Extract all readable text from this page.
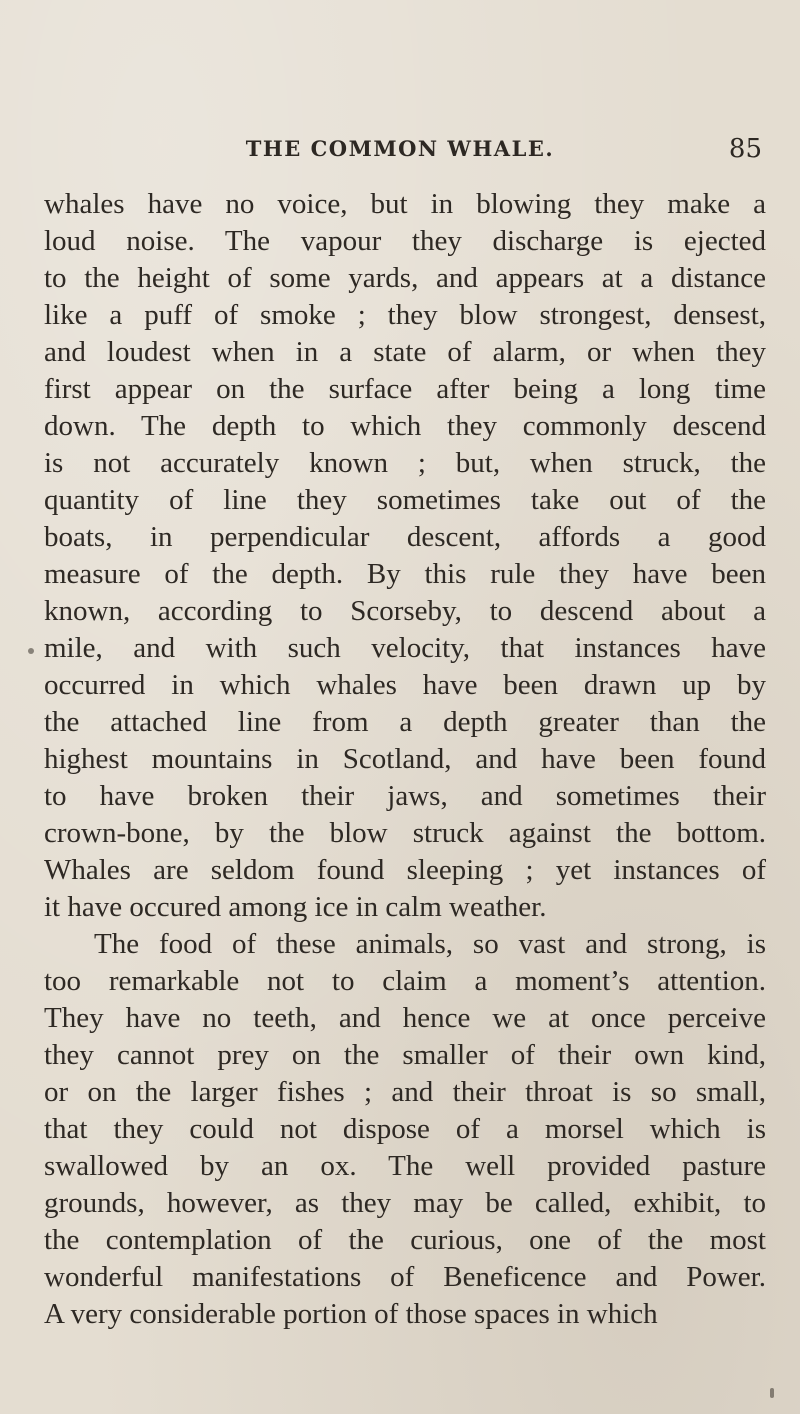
THE COMMON WHALE.	85
whales have no voice, but in blowing they make a
loud noise. The vapour they discharge is ejected
to the height of some yards, and appears at a distance
like a puff of smoke ; they blow strongest, densest,
and loudest when in a state of alarm, or when they
first appear on the surface after being a long time
down. The depth to which they commonly descend
is not accurately known ; but, when struck, the
quantity of line they sometimes take out of the
boats, in perpendicular descent, affords a good
measure of the depth. By this rule they have been
known, according to Scorseby, to descend about a
mile, and with such velocity, that instances have
occurred in which whales have been drawn up by
the attached line from a depth greater than the
highest mountains in Scotland, and have been found
to have broken their jaws, and sometimes their
crown-bone, by the blow struck against the bottom.
Whales are seldom found sleeping ; yet instances of
it have occured among ice in calm weather.
The food of these animals, so vast and strong, is
too remarkable not to claim a moment’s attention.
They have no teeth, and hence we at once perceive
they cannot prey on the smaller of their own kind,
or on the larger fishes ; and their throat is so small,
that they could not dispose of a morsel which is
swallowed by an ox. The well provided pasture
grounds, however, as they may be called, exhibit, to
the contemplation of the curious, one of the most
wonderful manifestations of Beneficence and Power.
A very considerable portion of those spaces in which
